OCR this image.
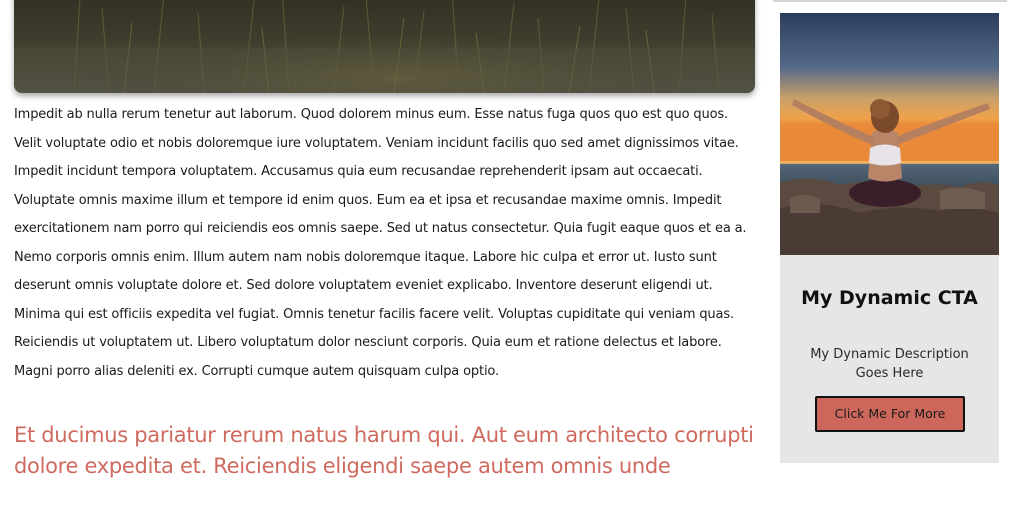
Impedit ab nulla rerum tenetur aut laborum. Quod dolorem minus eum. Esse natus fuga quos quo est quo quos. Velit voluptate odio et nobis doloremque iure voluptatem. Veniam incidunt facilis quo sed amet dignissimos vitae. Impedit incidunt tempora voluptatem. Accusamus quia eum recusandae reprehenderit ipsam aut occaecati. Voluptate omnis maxime illum et tempore id enim quos. Eum ea et ipsa et recusandae maxime omnis. Impedit exercitationem nam porro qui reiciendis eos omnis saepe. Sed ut natus consectetur. Quia fugit eaque quos et ea a. Nemo corporis omnis enim. Illum autem nam nobis doloremque itaque. Labore hic culpa et error ut. Iusto sunt deserunt omnis voluptate dolore et. Sed dolore voluptatem eveniet explicabo. Inventore deserunt eligendi ut. Minima qui est officiis expedita vel fugiat. Omnis tenetur facilis facere velit. Voluptas cupiditate qui veniam quas. Reiciendis ut voluptatem ut. Libero voluptatum dolor nesciunt corporis. Quia eum et ratione delectus et labore. Magni porro alias deleniti ex. Corrupti cumque autem quisquam culpa optio.

Et ducimus pariatur rerum natus harum qui. Aut eum architecto corrupti dolore expedita et. Reiciendis eligendi saepe autem omnis unde
My Dynamic CTA

My Dynamic Description Goes Here

Click Me For More
